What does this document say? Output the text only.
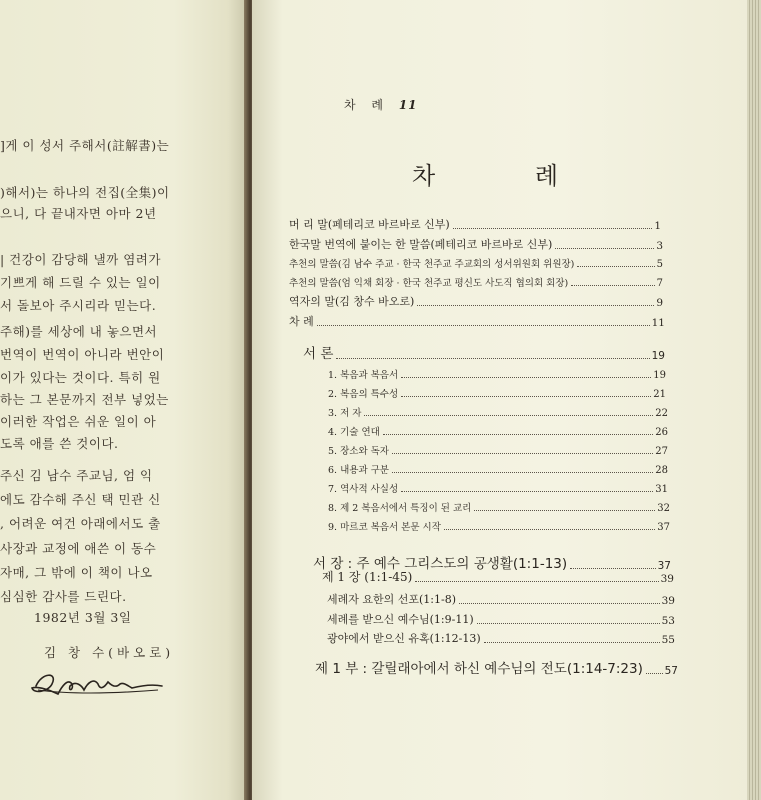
]게 이 성서 주해서(註解書)는
)해서)는 하나의 전집(全集)이
으니, 다 끝내자면 아마 2년
| 건강이 감당해 낼까 염려가
기쁘게 해 드릴 수 있는 일이
서 돌보아 주시리라 믿는다.
주해)를 세상에 내 놓으면서
번역이 번역이 아니라 번안이
이가 있다는 것이다. 특히 원
하는 그 본문까지 전부 넣었는
이러한 작업은 쉬운 일이 아
도록 애를 쓴 것이다.
주신 김 남수 주교님, 엄 익
에도 감수해 주신 택 민관 신
, 어려운 여건 아래에서도 출
사장과 교정에 애쓴 이 동수
자매, 그 밖에 이 책이 나오
심심한 감사를 드린다.
1982년 3월 3일
김 창 수(바오로)
차 례 11
차 례
머 리 말(페테리코 바르바로 신부)	1
한국말 번역에 붙이는 한 말씀(페테리코 바르바로 신부)	3
추천의 말씀(김 남수 주교 · 한국 천주교 주교회의 성서위원회 위원장)	5
추천의 말씀(엄 익채 회장 · 한국 천주교 평신도 사도직 협의회 회장)	7
역자의 말(김 창수 바오로)	9
차 례	11
서 론	19
1. 복음과 복음서	19
2. 복음의 특수성	21
3. 저 자	22
4. 기술 연대	26
5. 장소와 독자	27
6. 내용과 구분	28
7. 역사적 사실성	31
8. 제 2 복음서에서 특징이 된 교리	32
9. 마르코 복음서 본문 시작	37
서 장 : 주 예수 그리스도의 공생활(1:1-13)	37
제 1 장 (1:1-45)	39
세례자 요한의 선포(1:1-8)	39
세례를 받으신 예수님(1:9-11)	53
광야에서 받으신 유혹(1:12-13)	55
제 1 부 : 갈릴래아에서 하신 예수님의 전도(1:14-7:23) 57
